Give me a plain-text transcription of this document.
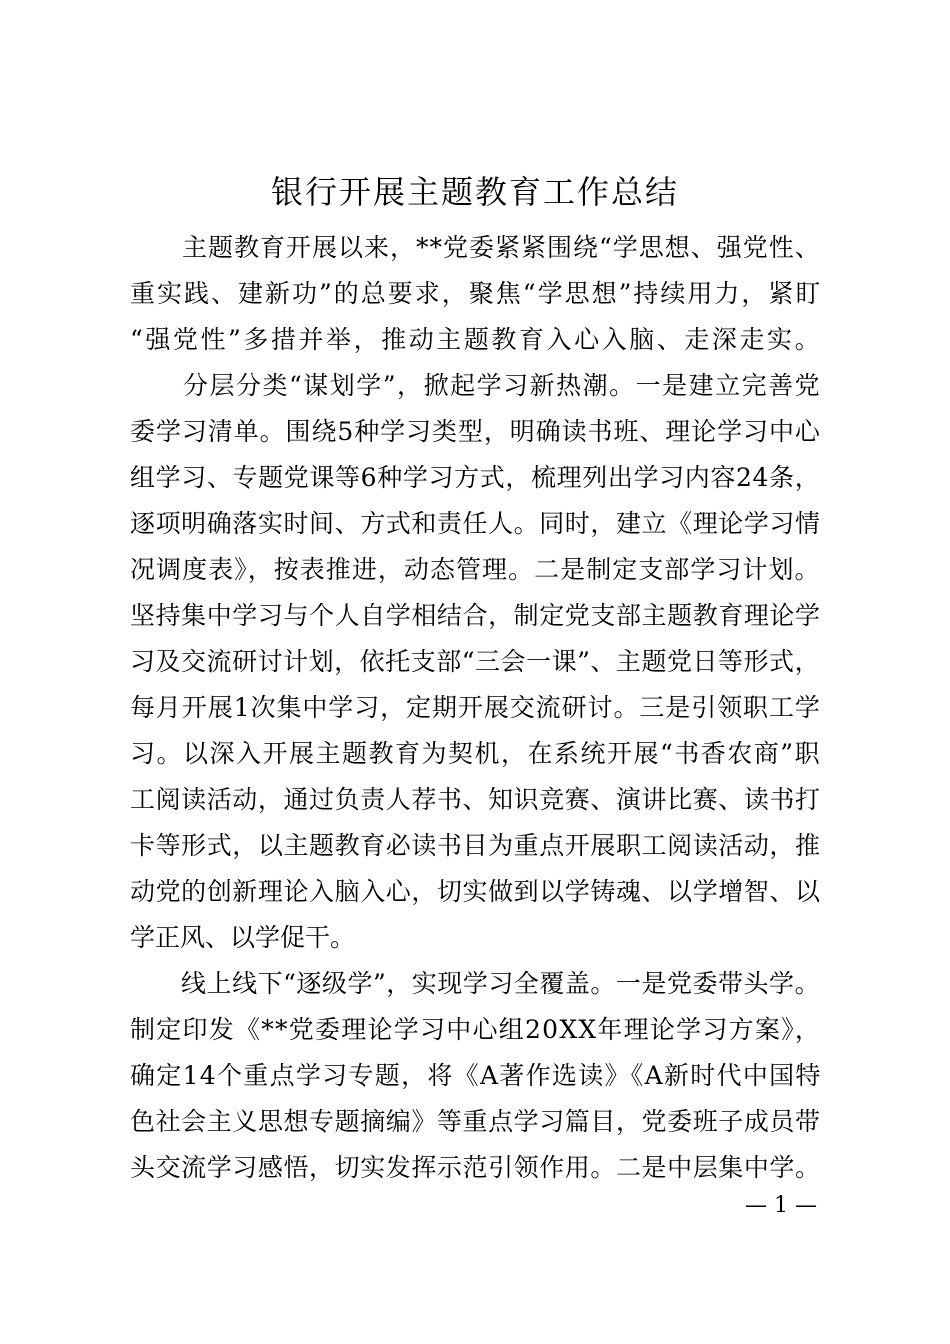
银行开展主题教育工作总结

　　主题教育开展以来，**党委紧紧围绕“学思想、强党性、

重实践、建新功”的总要求，聚焦“学思想”持续用力，紧盯

“强党性”多措并举，推动主题教育入心入脑、走深走实。

　　分层分类“谋划学”，掀起学习新热潮。一是建立完善党

委学习清单。围绕5种学习类型，明确读书班、理论学习中心

组学习、专题党课等6种学习方式，梳理列出学习内容24条，

逐项明确落实时间、方式和责任人。同时，建立《理论学习情

况调度表》，按表推进，动态管理。二是制定支部学习计划。

坚持集中学习与个人自学相结合，制定党支部主题教育理论学

习及交流研讨计划，依托支部“三会一课”、主题党日等形式，

每月开展1次集中学习，定期开展交流研讨。三是引领职工学

习。以深入开展主题教育为契机，在系统开展“书香农商”职

工阅读活动，通过负责人荐书、知识竞赛、演讲比赛、读书打

卡等形式，以主题教育必读书目为重点开展职工阅读活动，推

动党的创新理论入脑入心，切实做到以学铸魂、以学增智、以

学正风、以学促干。

　　线上线下“逐级学”，实现学习全覆盖。一是党委带头学。

制定印发《**党委理论学习中心组20XX年理论学习方案》，

确定14个重点学习专题，将《A著作选读》《A新时代中国特

色社会主义思想专题摘编》等重点学习篇目，党委班子成员带

头交流学习感悟，切实发挥示范引领作用。二是中层集中学。

— 1 —
